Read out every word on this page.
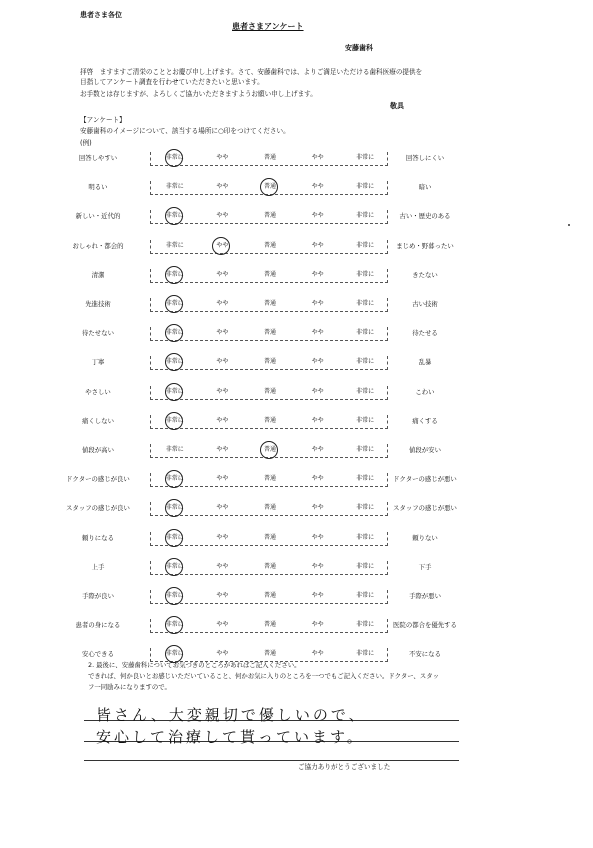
患者さま各位
患者さまアンケート
安藤歯科
拝啓　ますますご清栄のこととお慶び申し上げます。さて、安藤歯科では、よりご満足いただける歯科医療の提供を
目指してアンケート調査を行わせていただきたいと思います。
お手数とは存じますが、よろしくご協力いただきますようお願い申し上げます。
敬具
【アンケート】
安藤歯科のイメージについて、該当する場所に○印をつけてください。
(例)
回答しやすい	非常に	やや	普通	やや	非常に	回答しにくい
明るい	非常に	やや	普通	やや	非常に	暗い
新しい・近代的	非常に	やや	普通	やや	非常に	古い・歴史のある
おしゃれ・都会的	非常に	やや	普通	やや	非常に	まじめ・野暮ったい
清潔	非常に	やや	普通	やや	非常に	きたない
先進技術	非常に	やや	普通	やや	非常に	古い技術
待たせない	非常に	やや	普通	やや	非常に	待たせる
丁寧	非常に	やや	普通	やや	非常に	乱暴
やさしい	非常に	やや	普通	やや	非常に	こわい
痛くしない	非常に	やや	普通	やや	非常に	痛くする
値段が高い	非常に	やや	普通	やや	非常に	値段が安い
ドクターの感じが良い	非常に	やや	普通	やや	非常に	ドクターの感じが悪い
スタッフの感じが良い	非常に	やや	普通	やや	非常に	スタッフの感じが悪い
頼りになる	非常に	やや	普通	やや	非常に	頼りない
上手	非常に	やや	普通	やや	非常に	下手
手際が良い	非常に	やや	普通	やや	非常に	手際が悪い
患者の身になる	非常に	やや	普通	やや	非常に	医院の都合を優先する
安心できる	非常に	やや	普通	やや	非常に	不安になる
2. 最後に、安藤歯科についてお気づきのところがあればご記入ください。
できれば、何か良いとお感じいただいていること、何かお気に入りのところを一つでもご記入ください。ドクター、スタッ
フ一同励みになりますので。
皆さん、大変親切で優しいので、
安心して治療して貰っています。
ご協力ありがとうございました
